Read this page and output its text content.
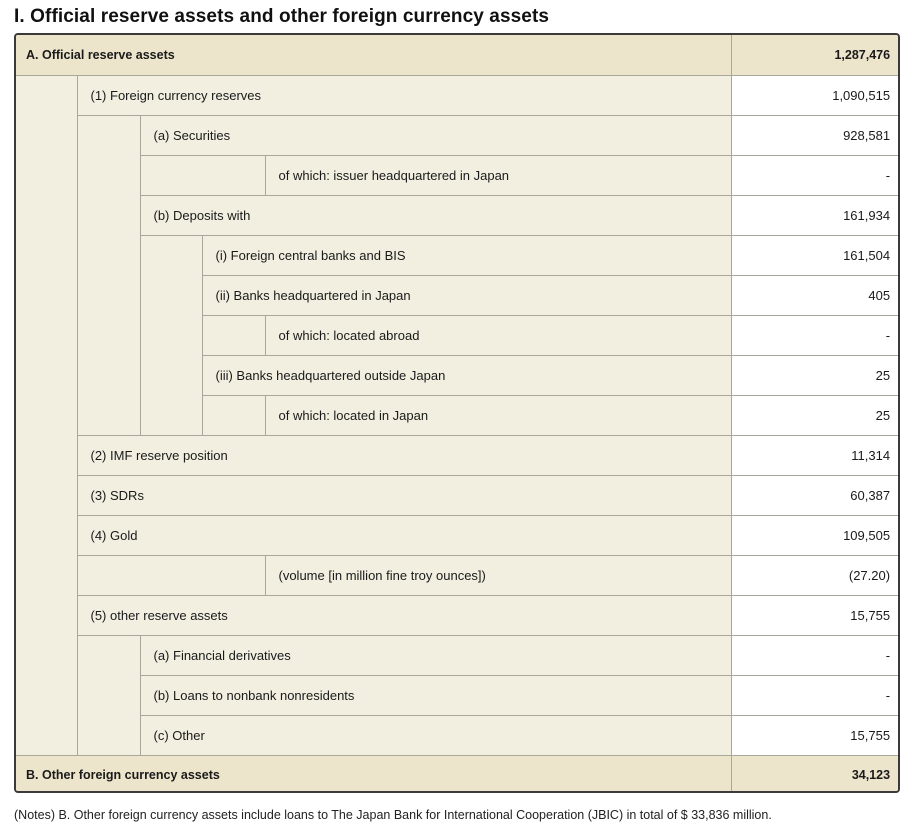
I. Official reserve assets and other foreign currency assets
A. Official reserve assets					1,287,476
	(1) Foreign currency reserves				1,090,515
		(a) Securities			928,581
				of which: issuer headquartered in Japan	-
		(b) Deposits with			161,934
			(i) Foreign central banks and BIS		161,504
			(ii) Banks headquartered in Japan		405
				of which: located abroad	-
			(iii) Banks headquartered outside Japan		25
				of which: located in Japan	25
	(2) IMF reserve position				11,314
	(3) SDRs				60,387
	(4) Gold				109,505
				(volume [in million fine troy ounces])	(27.20)
	(5) other reserve assets				15,755
		(a) Financial derivatives			-
		(b) Loans to nonbank nonresidents			-
		(c) Other			15,755
B. Other foreign currency assets					34,123

(Notes) B. Other foreign currency assets include loans to The Japan Bank for International Cooperation (JBIC) in total of $ 33,836 million.
